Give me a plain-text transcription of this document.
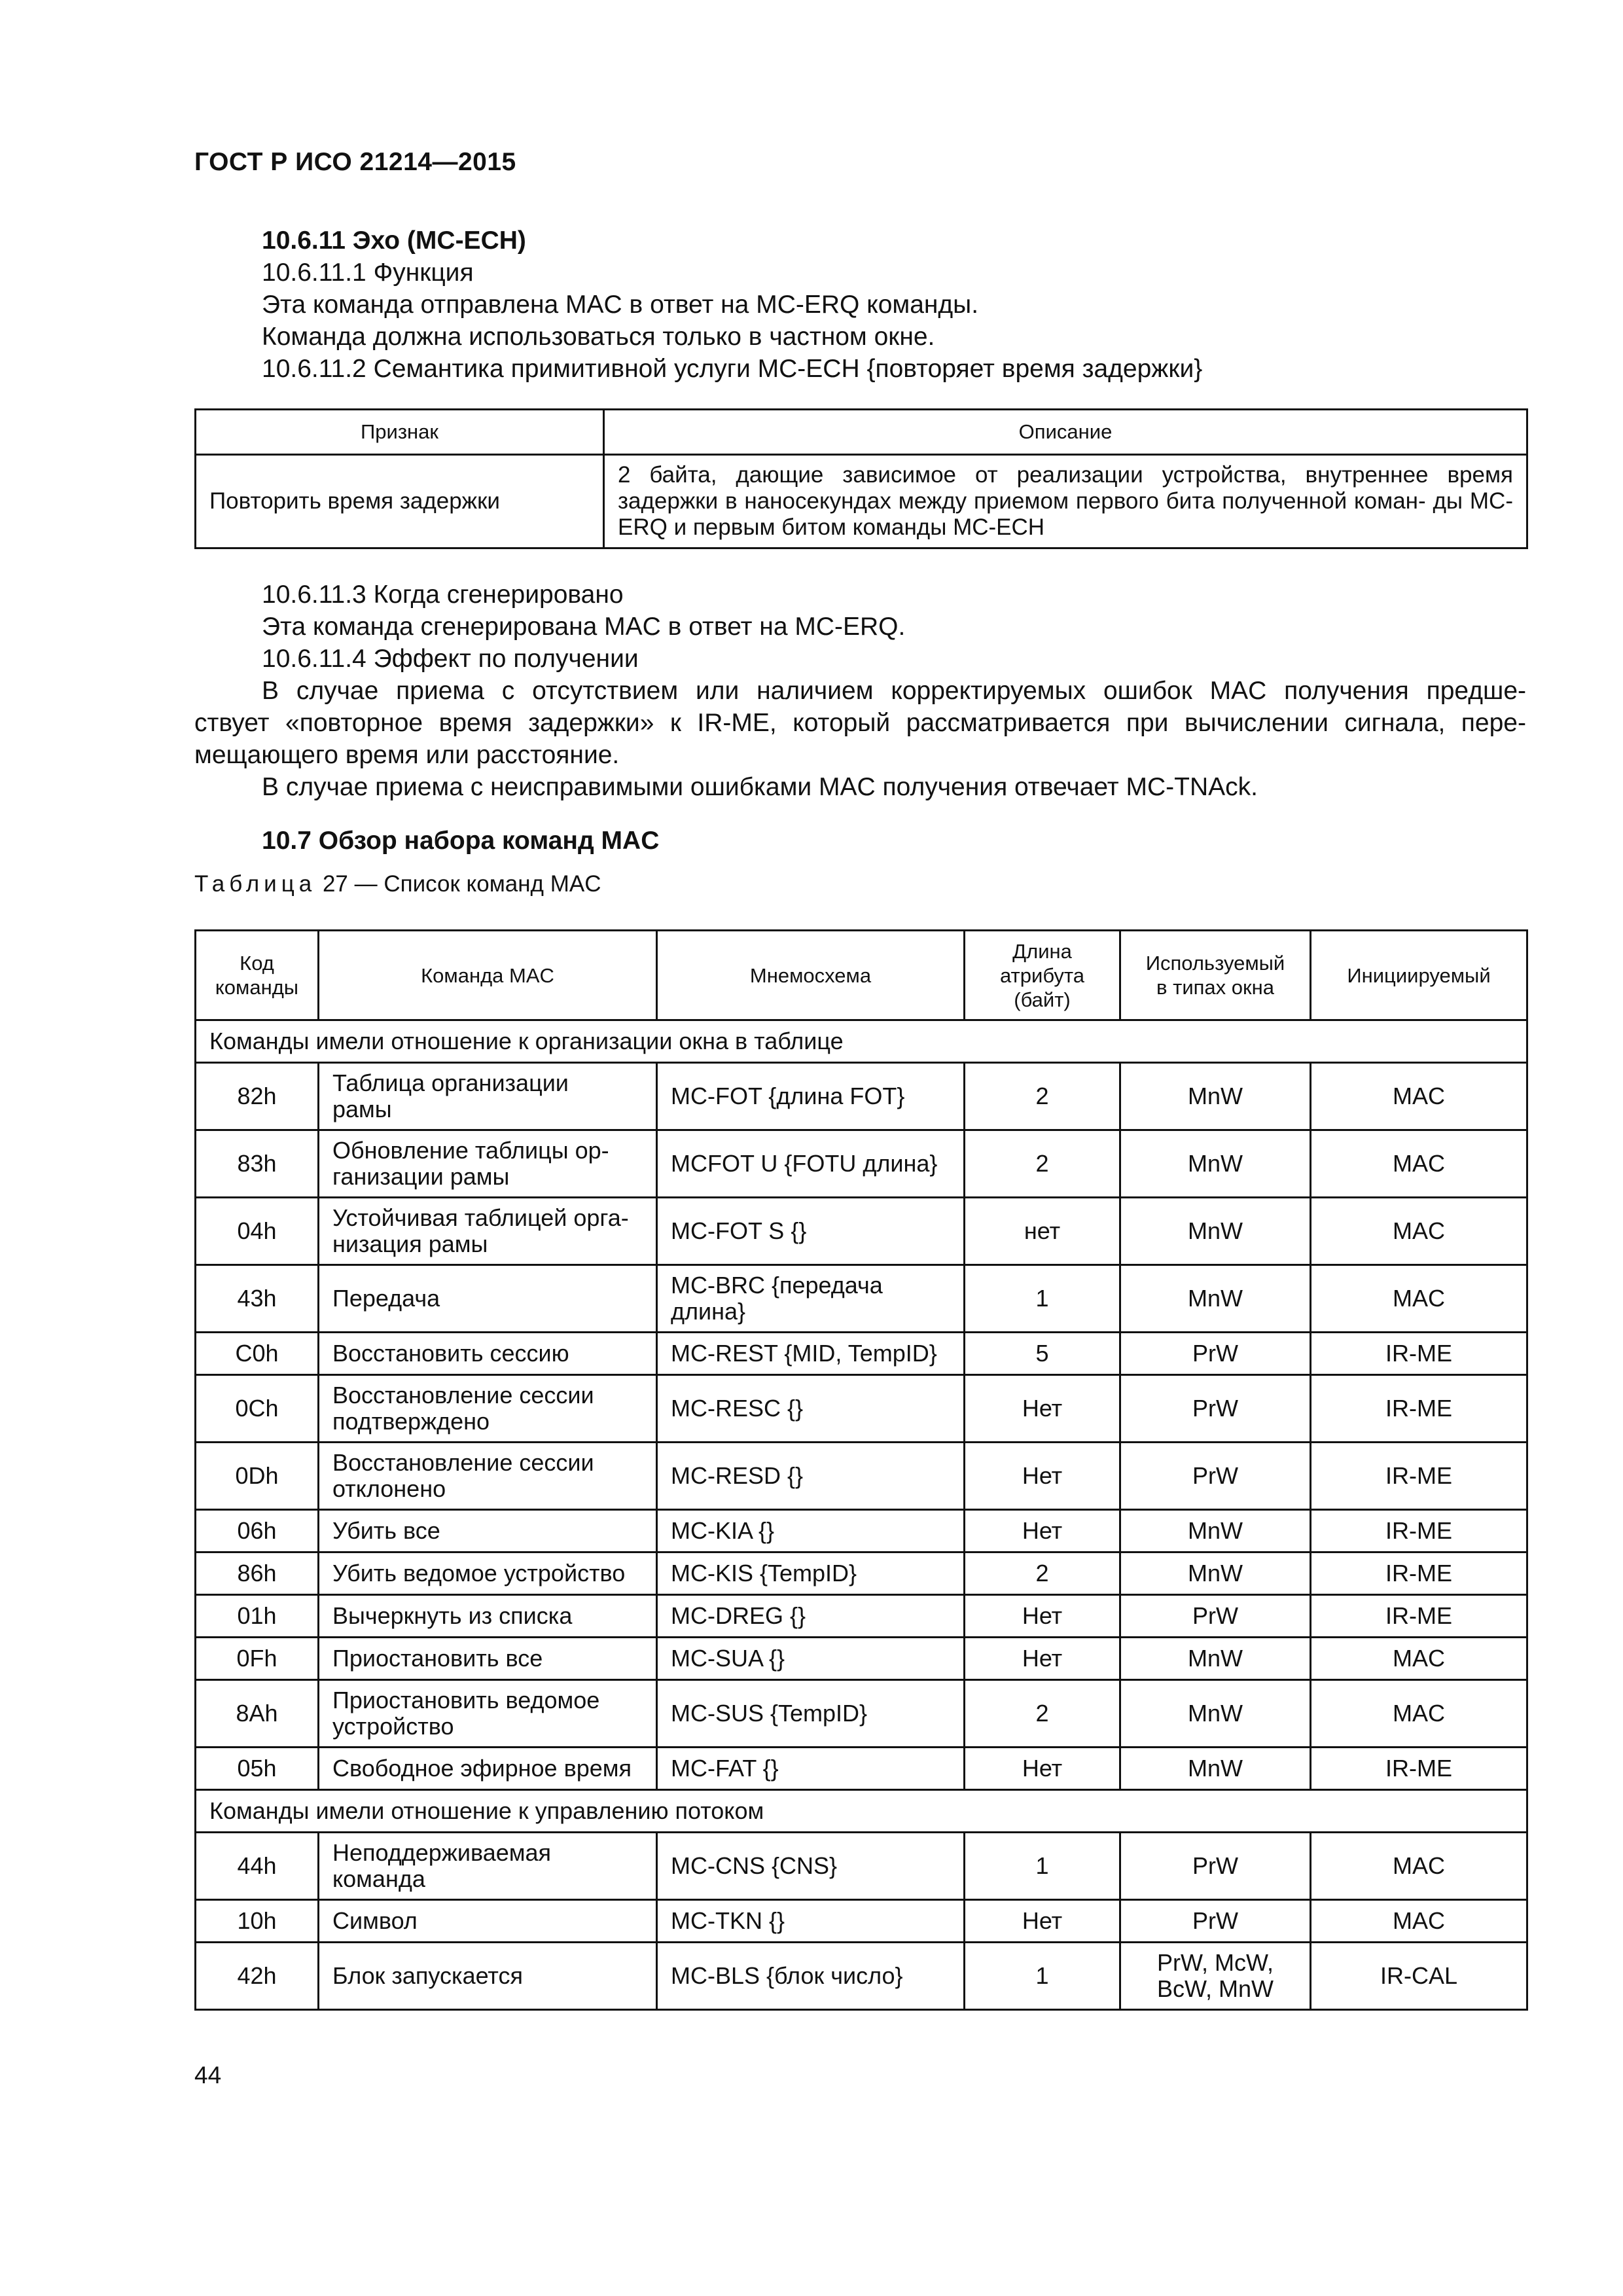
ГОСТ Р ИСО 21214—2015
10.6.11 Эхо (MC-ECH)
10.6.11.1 Функция
Эта команда отправлена MAC в ответ на MC-ERQ команды.
Команда должна использоваться только в частном окне.
10.6.11.2 Семантика примитивной услуги MC-ECH {повторяет время задержки}
Признак	Описание
Повторить время задержки	2 байта, дающие зависимое от реализации устройства, внутреннее время задержки в наносекундах между приемом первого бита полученной коман- ды MC-ERQ и первым битом команды MC-ECH
10.6.11.3 Когда сгенерировано
Эта команда сгенерирована MAC в ответ на MC-ERQ.
10.6.11.4 Эффект по получении
В случае приема с отсутствием или наличием корректируемых ошибок MAC получения предше-
ствует «повторное время задержки» к IR-ME, который рассматривается при вычислении сигнала, пере-
мещающего время или расстояние.
В случае приема с неисправимыми ошибками MAC получения отвечает MC-TNAck.
10.7 Обзор набора команд MAC
Таблица 27 — Список команд MAC
Код
команды	Команда MAC	Мнемосхема	Длина
атрибута
(байт)	Используемый
в типах окна	Инициируемый
Команды имели отношение к организации окна в таблице					
82h	Таблица организации
рамы	MC-FOT {длина FOT}	2	MnW	MAC
83h	Обновление таблицы ор-
ганизации рамы	MCFOT U {FOTU длина}	2	MnW	MAC
04h	Устойчивая таблицей орга-
низация рамы	MC-FOT S {}	нет	MnW	MAC
43h	Передача	MC-BRC {передача
длина}	1	MnW	MAC
C0h	Восстановить сессию	MC-REST {MID, TempID}	5	PrW	IR-ME
0Ch	Восстановление сессии
подтверждено	MC-RESC {}	Нет	PrW	IR-ME
0Dh	Восстановление сессии
отклонено	MC-RESD {}	Нет	PrW	IR-ME
06h	Убить все	MC-KIA {}	Нет	MnW	IR-ME
86h	Убить ведомое устройство	MC-KIS {TempID}	2	MnW	IR-ME
01h	Вычеркнуть из списка	MC-DREG {}	Нет	PrW	IR-ME
0Fh	Приостановить все	MC-SUA {}	Нет	MnW	MAC
8Ah	Приостановить ведомое
устройство	MC-SUS {TempID}	2	MnW	MAC
05h	Свободное эфирное время	MC-FAT {}	Нет	MnW	IR-ME
Команды имели отношение к управлению потоком					
44h	Неподдерживаемая
команда	MC-CNS {CNS}	1	PrW	MAC
10h	Символ	MC-TKN {}	Нет	PrW	MAC
42h	Блок запускается	MC-BLS {блок число}	1	PrW, McW,
BcW, MnW	IR-CAL
44
